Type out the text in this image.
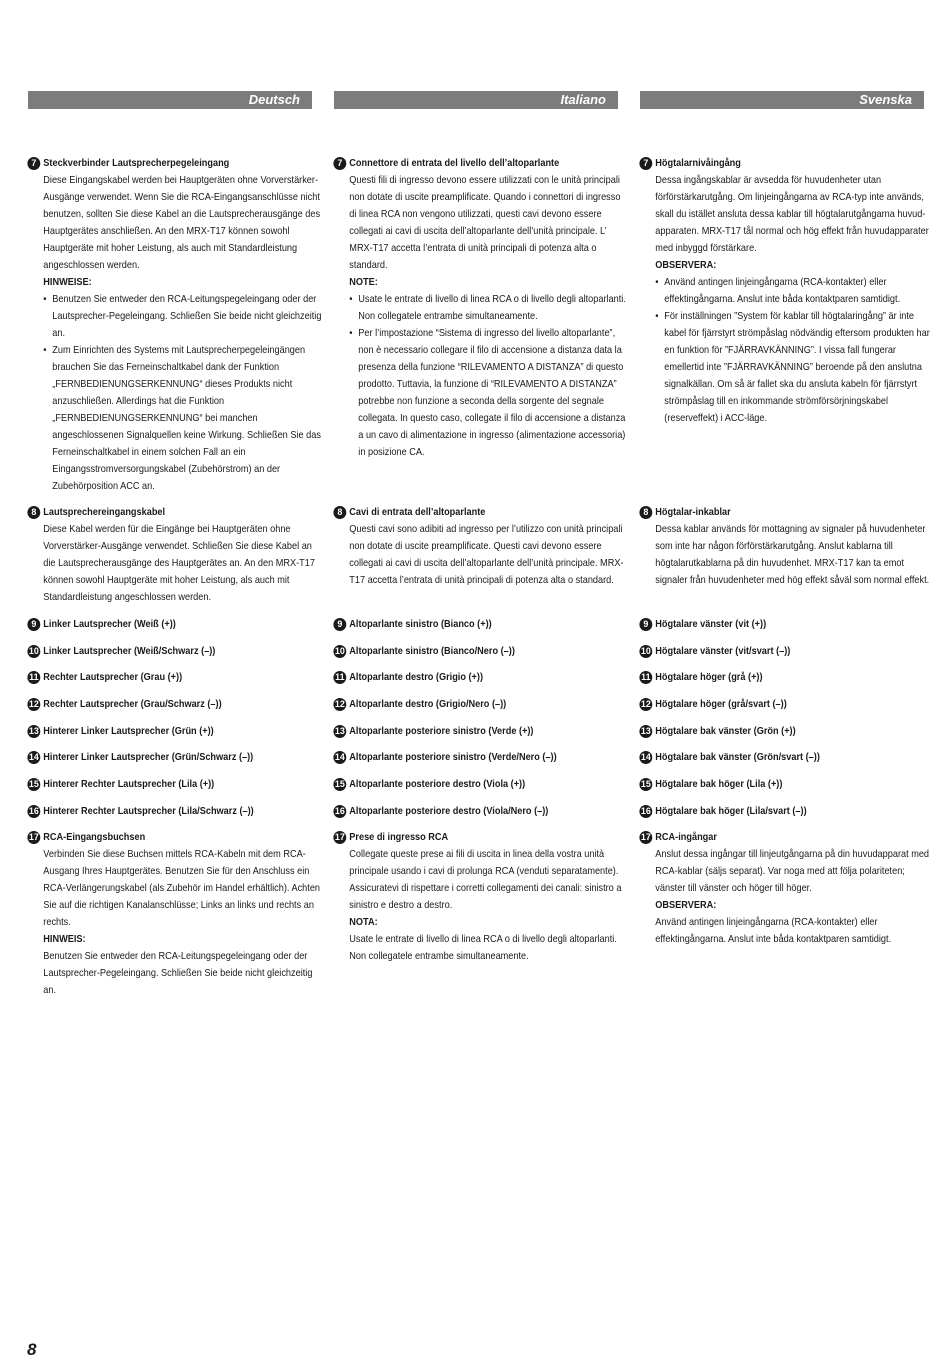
Deutsch
7 Steckverbinder Lautsprecherpegeleingang
Diese Eingangskabel werden bei Hauptgeräten ohne Vorverstärker-Ausgänge verwendet. Wenn Sie die RCA-Eingangsanschlüsse nicht benutzen, sollten Sie diese Kabel an die Lautsprecherausgänge des Hauptgerätes anschließen. An den MRX-T17 können sowohl Hauptgeräte mit hoher Leistung, als auch mit Standardleistung angeschlossen werden.
HINWEISE:
• Benutzen Sie entweder den RCA-Leitungspegeleingang oder der Lautsprecher-Pegeleingang. Schließen Sie beide nicht gleichzeitig an.
• Zum Einrichten des Systems mit Lautsprecherpegeleingängen brauchen Sie das Ferneinschaltkabel dank der Funktion „FERNBEDIENUNGSERKENNUNG“ dieses Produkts nicht anzuschließen. Allerdings hat die Funktion „FERNBEDIENUNGSERKENNUNG“ bei manchen angeschlossenen Signalquellen keine Wirkung. Schließen Sie das Ferneinschaltkabel in einem solchen Fall an ein Eingangsstromversorgungskabel (Zubehörstrom) an der Zubehörposition ACC an.
8 Lautsprechereingangskabel
Diese Kabel werden für die Eingänge bei Hauptgeräten ohne Vorverstärker-Ausgänge verwendet. Schließen Sie diese Kabel an die Lautsprecherausgänge des Hauptgerätes an. An den MRX-T17 können sowohl Hauptgeräte mit hoher Leistung, als auch mit Standardleistung angeschlossen werden.
9 Linker Lautsprecher (Weiß (+))
10 Linker Lautsprecher (Weiß/Schwarz (–))
11 Rechter Lautsprecher (Grau (+))
12 Rechter Lautsprecher (Grau/Schwarz (–))
13 Hinterer Linker Lautsprecher (Grün (+))
14 Hinterer Linker Lautsprecher (Grün/Schwarz (–))
15 Hinterer Rechter Lautsprecher (Lila (+))
16 Hinterer Rechter Lautsprecher (Lila/Schwarz (–))
17 RCA-Eingangsbuchsen
Verbinden Sie diese Buchsen mittels RCA-Kabeln mit dem RCA-Ausgang Ihres Hauptgerätes. Benutzen Sie für den Anschluss ein RCA-Verlängerungskabel (als Zubehör im Handel erhältlich). Achten Sie auf die richtigen Kanalanschlüsse; Links an links und rechts an rechts.
HINWEIS:
Benutzen Sie entweder den RCA-Leitungspegeleingang oder der Lautsprecher-Pegeleingang. Schließen Sie beide nicht gleichzeitig an.
Italiano
7 Connettore di entrata del livello dell’altoparlante
Questi fili di ingresso devono essere utilizzati con le unità principali non dotate di uscite preamplificate. Quando i connettori di ingresso di linea RCA non vengono utilizzati, questi cavi devono essere collegati ai cavi di uscita dell’altoparlante dell’unità principale. L’ MRX-T17 accetta l’entrata di unità principali di potenza alta o standard.
NOTE:
• Usate le entrate di livello di linea RCA o di livello degli altoparlanti. Non collegatele entrambe simultaneamente.
• Per l’impostazione “Sistema di ingresso del livello altoparlante”, non è necessario collegare il filo di accensione a distanza data la presenza della funzione “RILEVAMENTO A DISTANZA” di questo prodotto. Tuttavia, la funzione di “RILEVAMENTO A DISTANZA” potrebbe non funzione a seconda della sorgente del segnale collegata. In questo caso, collegate il filo di accensione a distanza a un cavo di alimentazione in ingresso (alimentazione accessoria) in posizione CA.
8 Cavi di entrata dell’altoparlante
Questi cavi sono adibiti ad ingresso per l’utilizzo con unità principali non dotate di uscite preamplificate. Questi cavi devono essere collegati ai cavi di uscita dell’altoparlante dell’unità principale. MRX-T17 accetta l’entrata di unità principali di potenza alta o standard.
9 Altoparlante sinistro (Bianco (+))
10 Altoparlante sinistro (Bianco/Nero (–))
11 Altoparlante destro (Grigio (+))
12 Altoparlante destro (Grigio/Nero (–))
13 Altoparlante posteriore sinistro (Verde (+))
14 Altoparlante posteriore sinistro (Verde/Nero (–))
15 Altoparlante posteriore destro (Viola (+))
16 Altoparlante posteriore destro (Viola/Nero (–))
17 Prese di ingresso RCA
Collegate queste prese ai fili di uscita in linea della vostra unità principale usando i cavi di prolunga RCA (venduti separatamente). Assicuratevi di rispettare i corretti collegamenti dei canali: sinistro a sinistro e destro a destro.
NOTA:
Usate le entrate di livello di linea RCA o di livello degli altoparlanti. Non collegatele entrambe simultaneamente.
Svenska
7 Högtalarnivåingång
Dessa ingångskablar är avsedda för huvudenheter utan förförstärkarutgång. Om linjeingångarna av RCA-typ inte används, skall du istället ansluta dessa kablar till högtalarutgångarna huvud-apparaten. MRX-T17 tål normal och hög effekt från huvudapparater med inbyggd förstärkare.
OBSERVERA:
• Använd antingen linjeingångarna (RCA-kontakter) eller effektingångarna. Anslut inte båda kontaktparen samtidigt.
• För inställningen ”System för kablar till högtalaringång” är inte kabel för fjärrstyrt strömpåslag nödvändig eftersom produkten har en funktion för ”FJÄRRAVKÄNNING”. I vissa fall fungerar emellertid inte ”FJÄRRAVKÄNNING” beroende på den anslutna signalkällan. Om så är fallet ska du ansluta kabeln för fjärrstyrt strömpåslag till en inkommande strömförsörjningskabel (reserveffekt) i ACC-läge.
8 Högtalar-inkablar
Dessa kablar används för mottagning av signaler på huvudenheter som inte har någon förförstärkarutgång. Anslut kablarna till högtalarutkablarna på din huvudenhet. MRX-T17 kan ta emot signaler från huvudenheter med hög effekt såväl som normal effekt.
9 Högtalare vänster (vit (+))
10 Högtalare vänster (vit/svart (–))
11 Högtalare höger (grå (+))
12 Högtalare höger (grå/svart (–))
13 Högtalare bak vänster (Grön (+))
14 Högtalare bak vänster (Grön/svart (–))
15 Högtalare bak höger (Lila (+))
16 Högtalare bak höger (Lila/svart (–))
17 RCA-ingångar
Anslut dessa ingångar till linjeutgångarna på din huvudapparat med RCA-kablar (säljs separat). Var noga med att följa polariteten; vänster till vänster och höger till höger.
OBSERVERA:
Använd antingen linjeingångarna (RCA-kontakter) eller effektingångarna. Anslut inte båda kontaktparen samtidigt.
8
